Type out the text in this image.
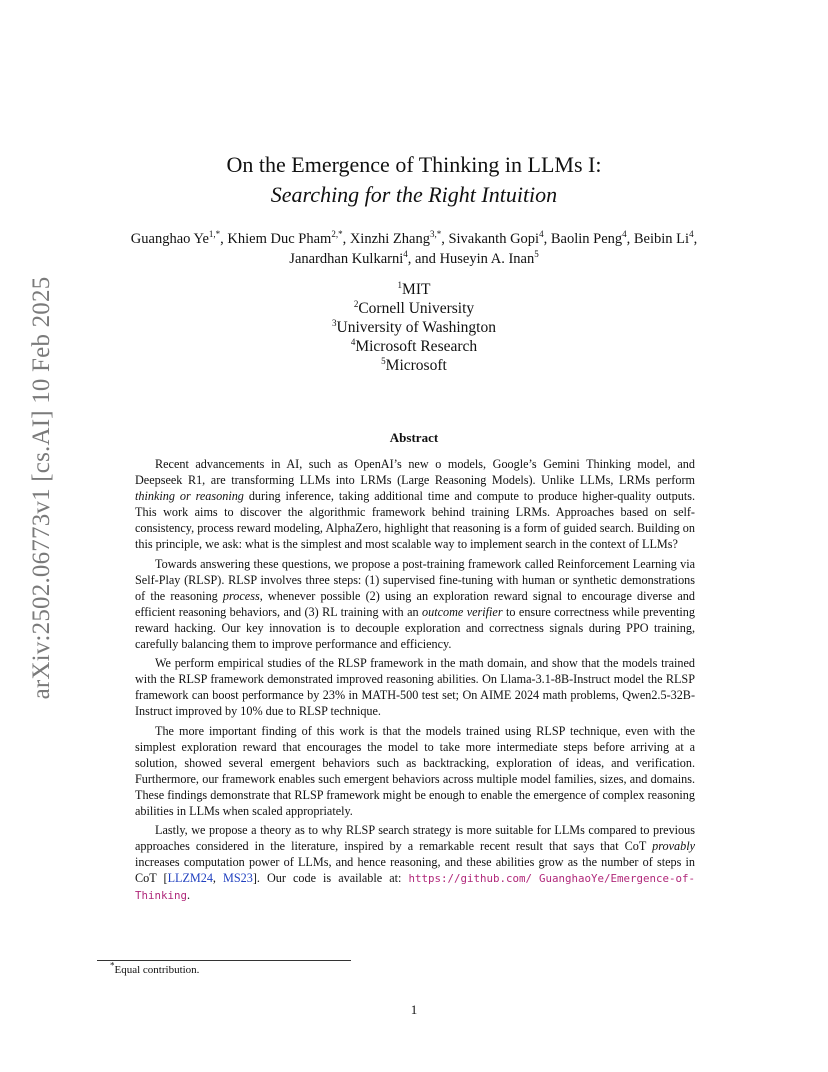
arXiv:2502.06773v1 [cs.AI] 10 Feb 2025
On the Emergence of Thinking in LLMs I:
Searching for the Right Intuition
Guanghao $Ye^{1,*}$, Khiem Duc Pham$^{2,*}$, Xinzhi Zhang$^{3,*}$, Sivakanth Gopi$^4$, Baolin Peng$^4$, Beibin Li$^4$,
Janardhan Kulkarni$^4$, and Huseyin A. Inan$^5$
$^1$MIT
$^2$Cornell University
$^3$University of Washington
$^4$Microsoft Research
$^5$Microsoft
Abstract

Recent advancements in AI, such as OpenAI’s new o models, Google’s Gemini Thinking model, and Deepseek R1, are transforming LLMs into LRMs (Large Reasoning Models). Unlike LLMs, LRMs perform thinking or reasoning during inference, taking additional time and compute to produce higher-quality outputs. This work aims to discover the algorithmic framework behind training LRMs. Approaches based on self-consistency, process reward modeling, AlphaZero, highlight that reasoning is a form of guided search. Building on this principle, we ask: what is the simplest and most scalable way to implement search in the context of LLMs?

Towards answering these questions, we propose a post-training framework called Reinforcement Learning via Self-Play (RLSP). RLSP involves three steps: (1) supervised fine-tuning with human or synthetic demonstrations of the reasoning process, whenever possible (2) using an exploration reward signal to encourage diverse and efficient reasoning behaviors, and (3) RL training with an outcome verifier to ensure correctness while preventing reward hacking. Our key innovation is to decouple exploration and correctness signals during PPO training, carefully balancing them to improve performance and efficiency.

We perform empirical studies of the RLSP framework in the math domain, and show that the models trained with the RLSP framework demonstrated improved reasoning abilities. On Llama-3.1-8B-Instruct model the RLSP framework can boost performance by 23% in MATH-500 test set; On AIME 2024 math problems, Qwen2.5-32B-Instruct improved by 10% due to RLSP technique.

The more important finding of this work is that the models trained using RLSP technique, even with the simplest exploration reward that encourages the model to take more intermediate steps before arriving at a solution, showed several emergent behaviors such as backtracking, exploration of ideas, and verification. Furthermore, our framework enables such emergent behaviors across multiple model families, sizes, and domains. These findings demonstrate that RLSP framework might be enough to enable the emergence of complex reasoning abilities in LLMs when scaled appropriately.

Lastly, we propose a theory as to why RLSP search strategy is more suitable for LLMs compared to previous approaches considered in the literature, inspired by a remarkable recent result that says that CoT provably increases computation power of LLMs, and hence reasoning, and these abilities grow as the number of steps in CoT [LLZM24, MS23]. Our code is available at: https://github.com/ GuanghaoYe/Emergence-of-Thinking.

*Equal contribution.
1
